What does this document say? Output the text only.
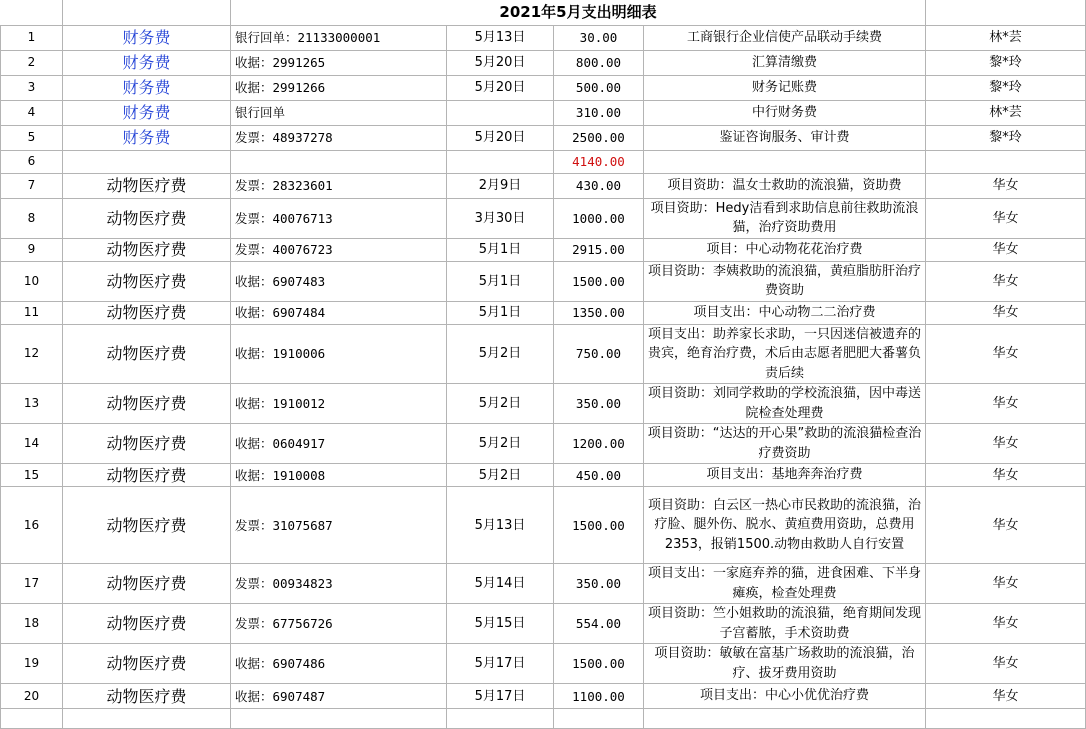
		2021年5月支出明细表				
1	财务费	银行回单：21133000001	5月13日	30.00	工商银行企业信使产品联动手续费	林*芸
2	财务费	收据：2991265	5月20日	800.00	汇算清缴费	黎*玲
3	财务费	收据：2991266	5月20日	500.00	财务记账费	黎*玲
4	财务费	银行回单		310.00	中行财务费	林*芸
5	财务费	发票：48937278	5月20日	2500.00	鉴证咨询服务、审计费	黎*玲
6				4140.00		
7	动物医疗费	发票：28323601	2月9日	430.00	项目资助：温女士救助的流浪猫，资助费	华女
8	动物医疗费	发票：40076713	3月30日	1000.00	项目资助：Hedy洁看到求助信息前往救助流浪猫，治疗资助费用	华女
9	动物医疗费	发票：40076723	5月1日	2915.00	项目：中心动物花花治疗费	华女
10	动物医疗费	收据：6907483	5月1日	1500.00	项目资助：李姨救助的流浪猫，黄疸脂肪肝治疗费资助	华女
11	动物医疗费	收据：6907484	5月1日	1350.00	项目支出：中心动物二二治疗费	华女
12	动物医疗费	收据：1910006	5月2日	750.00	项目支出：助养家长求助，一只因迷信被遗弃的贵宾，绝育治疗费，术后由志愿者肥肥大番薯负责后续	华女
13	动物医疗费	收据：1910012	5月2日	350.00	项目资助：刘同学救助的学校流浪猫，因中毒送院检查处理费	华女
14	动物医疗费	收据：0604917	5月2日	1200.00	项目资助：“达达的开心果”救助的流浪猫检查治疗费资助	华女
15	动物医疗费	收据：1910008	5月2日	450.00	项目支出：基地奔奔治疗费	华女
16	动物医疗费	发票：31075687	5月13日	1500.00	项目资助：白云区一热心市民救助的流浪猫，治疗脸、腿外伤、脱水、黄疸费用资助，总费用2353，报销1500.动物由救助人自行安置	华女
17	动物医疗费	发票：00934823	5月14日	350.00	项目支出：一家庭弃养的猫，进食困难、下半身瘫痪，检查处理费	华女
18	动物医疗费	发票：67756726	5月15日	554.00	项目资助：竺小姐救助的流浪猫，绝育期间发现子宫蓄脓，手术资助费	华女
19	动物医疗费	收据：6907486	5月17日	1500.00	项目资助：敏敏在富基广场救助的流浪猫，治疗、拔牙费用资助	华女
20	动物医疗费	收据：6907487	5月17日	1100.00	项目支出：中心小优优治疗费	华女
